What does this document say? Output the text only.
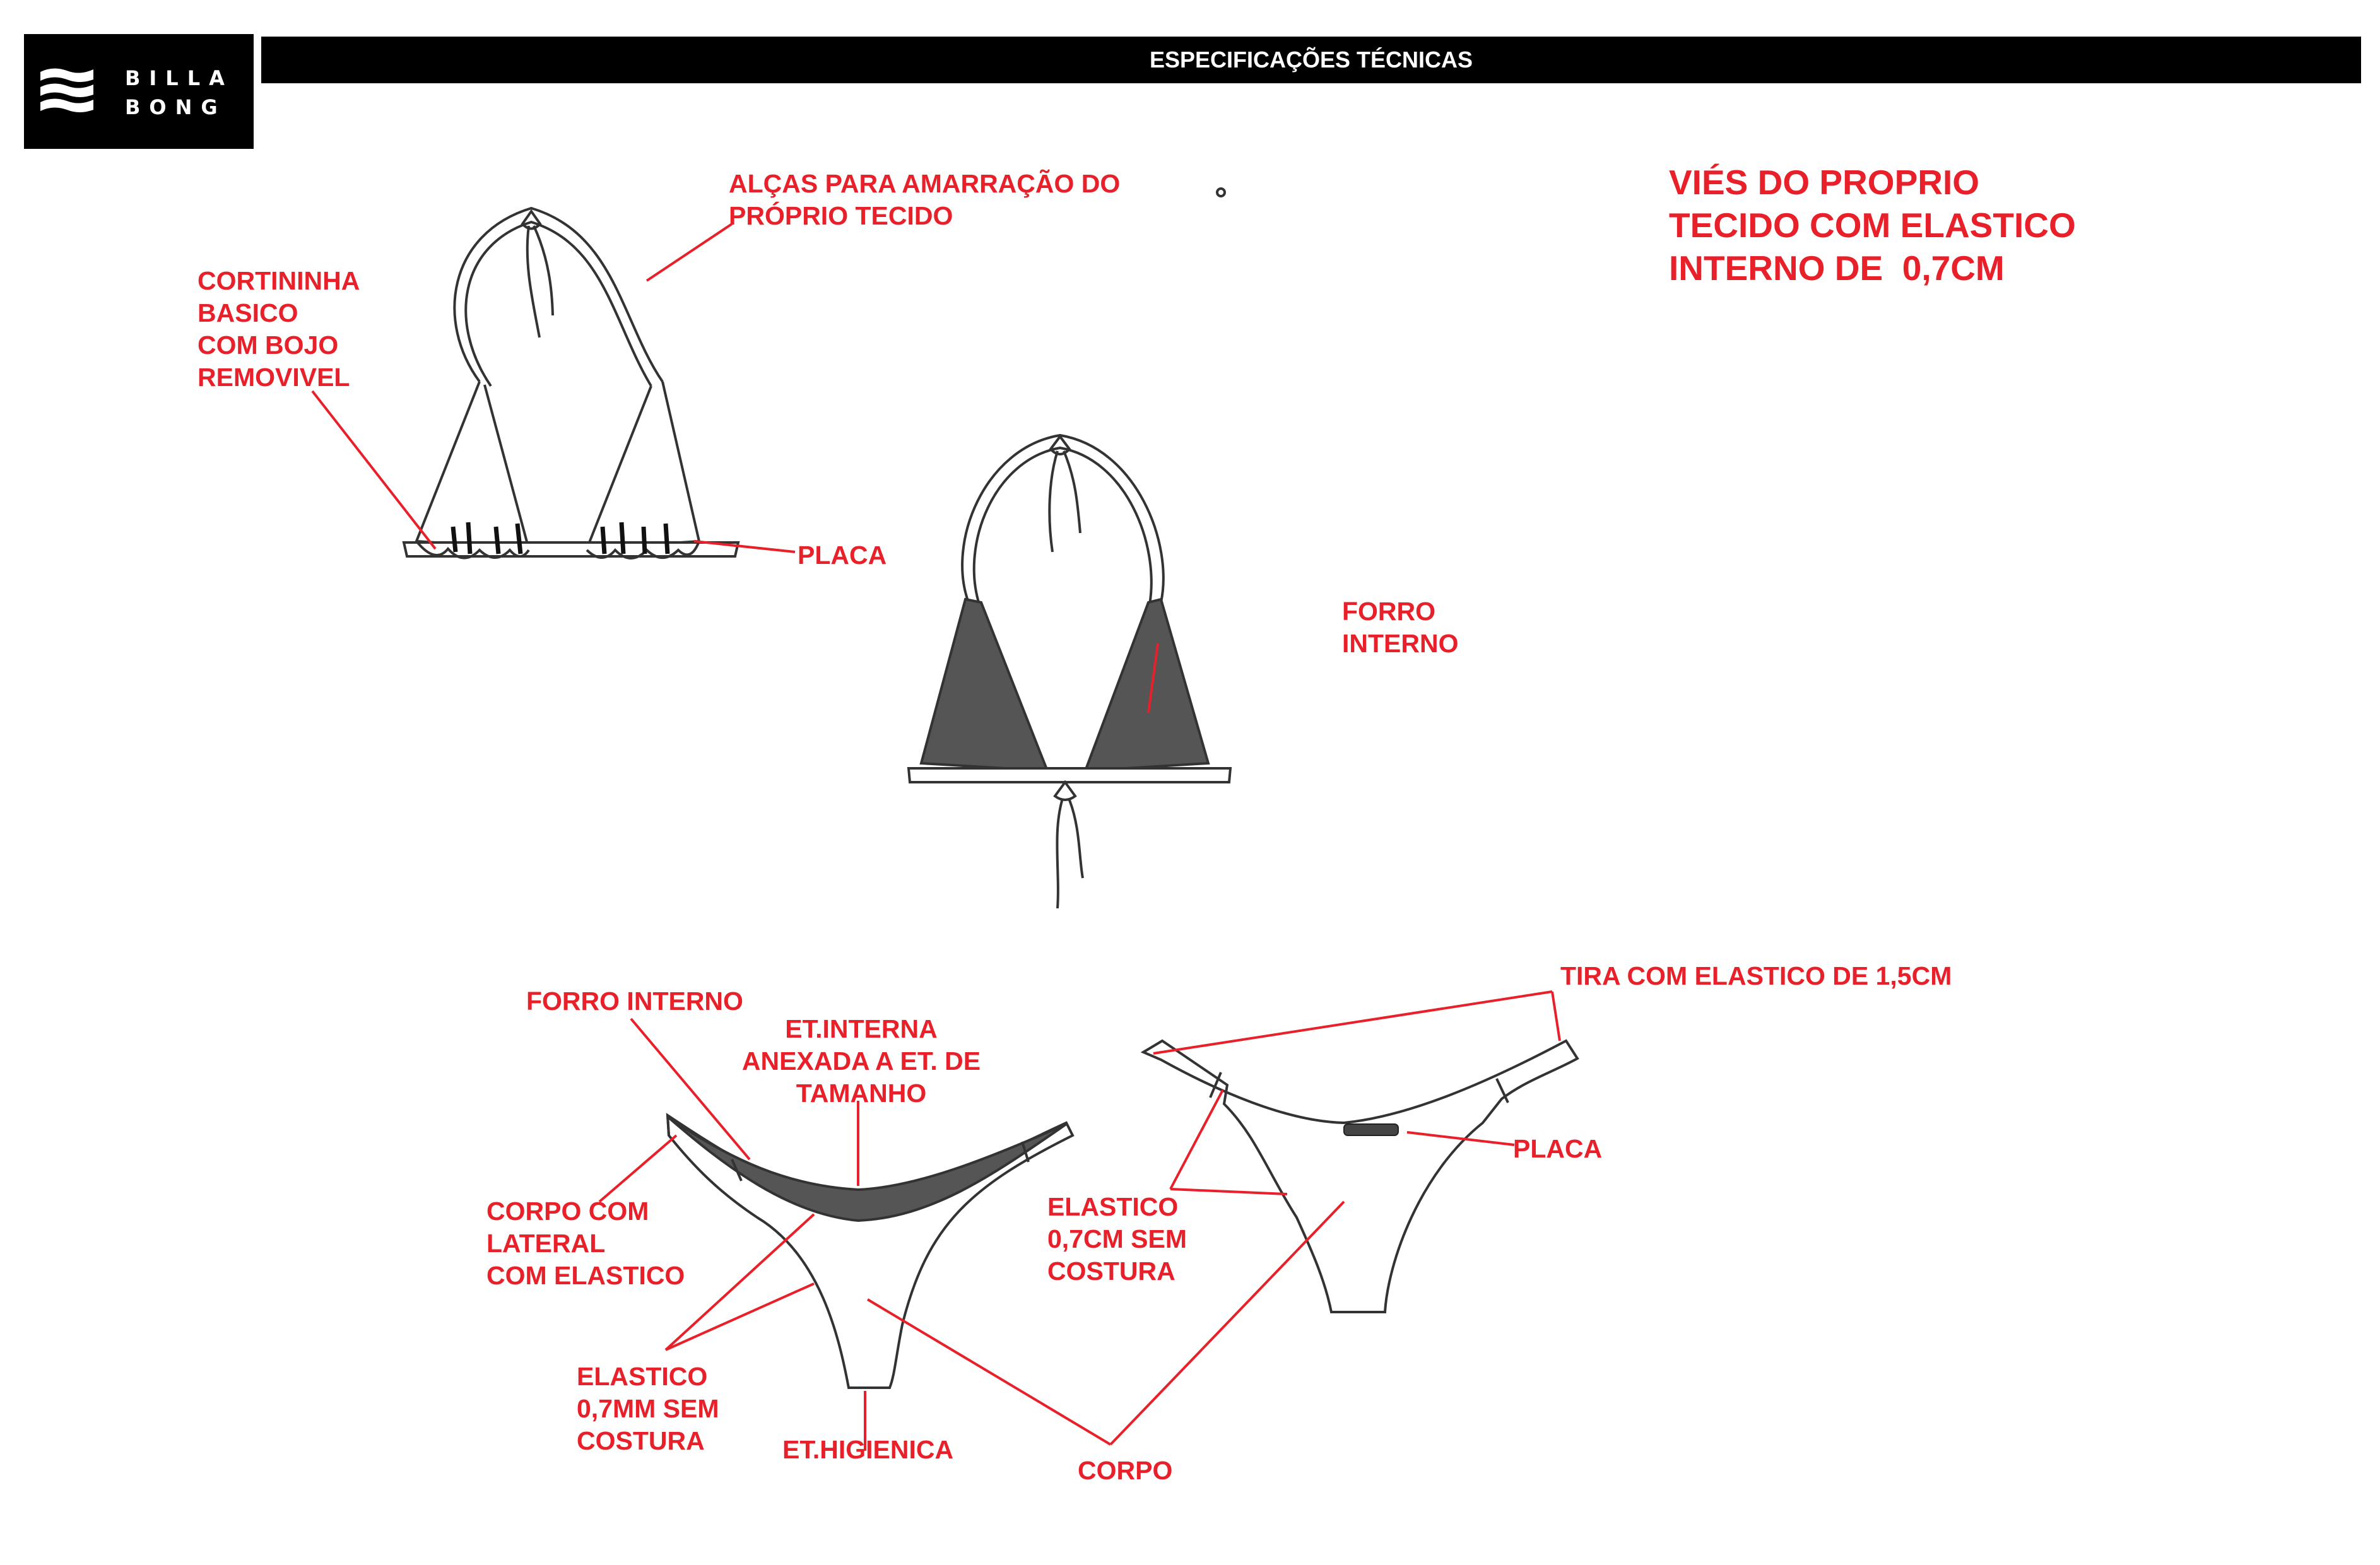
BILLA
BONG
ESPECIFICAÇÕES TÉCNICAS

ALÇAS PARA AMARRAÇÃO DO
PRÓPRIO TECIDO

CORTININHA
BASICO
COM BOJO
REMOVIVEL

PLACA

VIÉS DO PROPRIO
TECIDO COM ELASTICO
INTERNO DE  0,7CM

FORRO
INTERNO

FORRO INTERNO

ET.INTERNA
ANEXADA A ET. DE
TAMANHO

TIRA COM ELASTICO DE 1,5CM

PLACA

CORPO COM
LATERAL
COM ELASTICO

ELASTICO
0,7CM SEM
COSTURA

ELASTICO
0,7MM SEM
COSTURA	ET.HIGIENICA

CORPO
